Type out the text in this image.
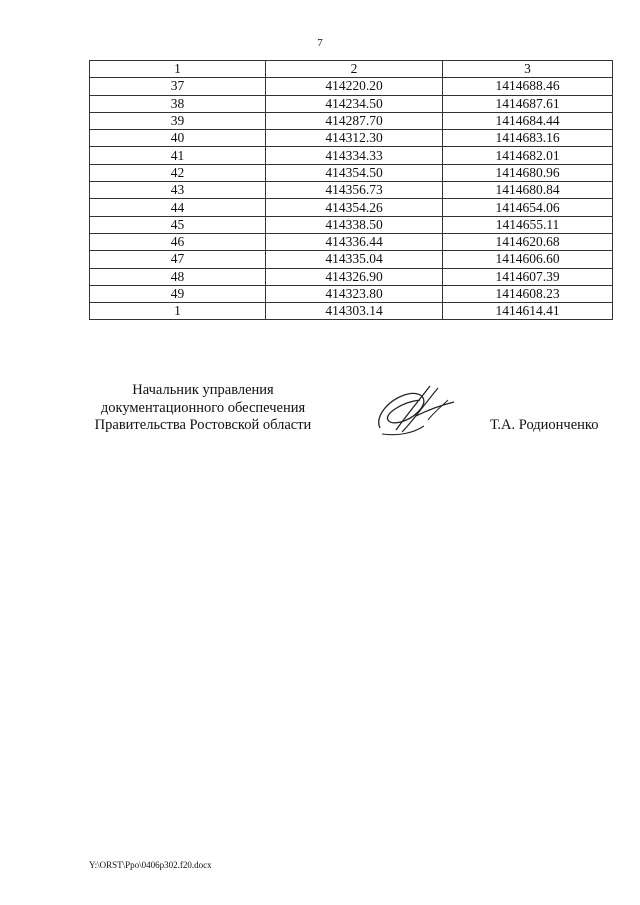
7
1	2	3
37	414220.20	1414688.46
38	414234.50	1414687.61
39	414287.70	1414684.44
40	414312.30	1414683.16
41	414334.33	1414682.01
42	414354.50	1414680.96
43	414356.73	1414680.84
44	414354.26	1414654.06
45	414338.50	1414655.11
46	414336.44	1414620.68
47	414335.04	1414606.60
48	414326.90	1414607.39
49	414323.80	1414608.23
1	414303.14	1414614.41
Начальник управления
документационного обеспечения
Правительства Ростовской области	Т.А. Родионченко
Y:\ORST\Ppo\0406p302.f20.docx
